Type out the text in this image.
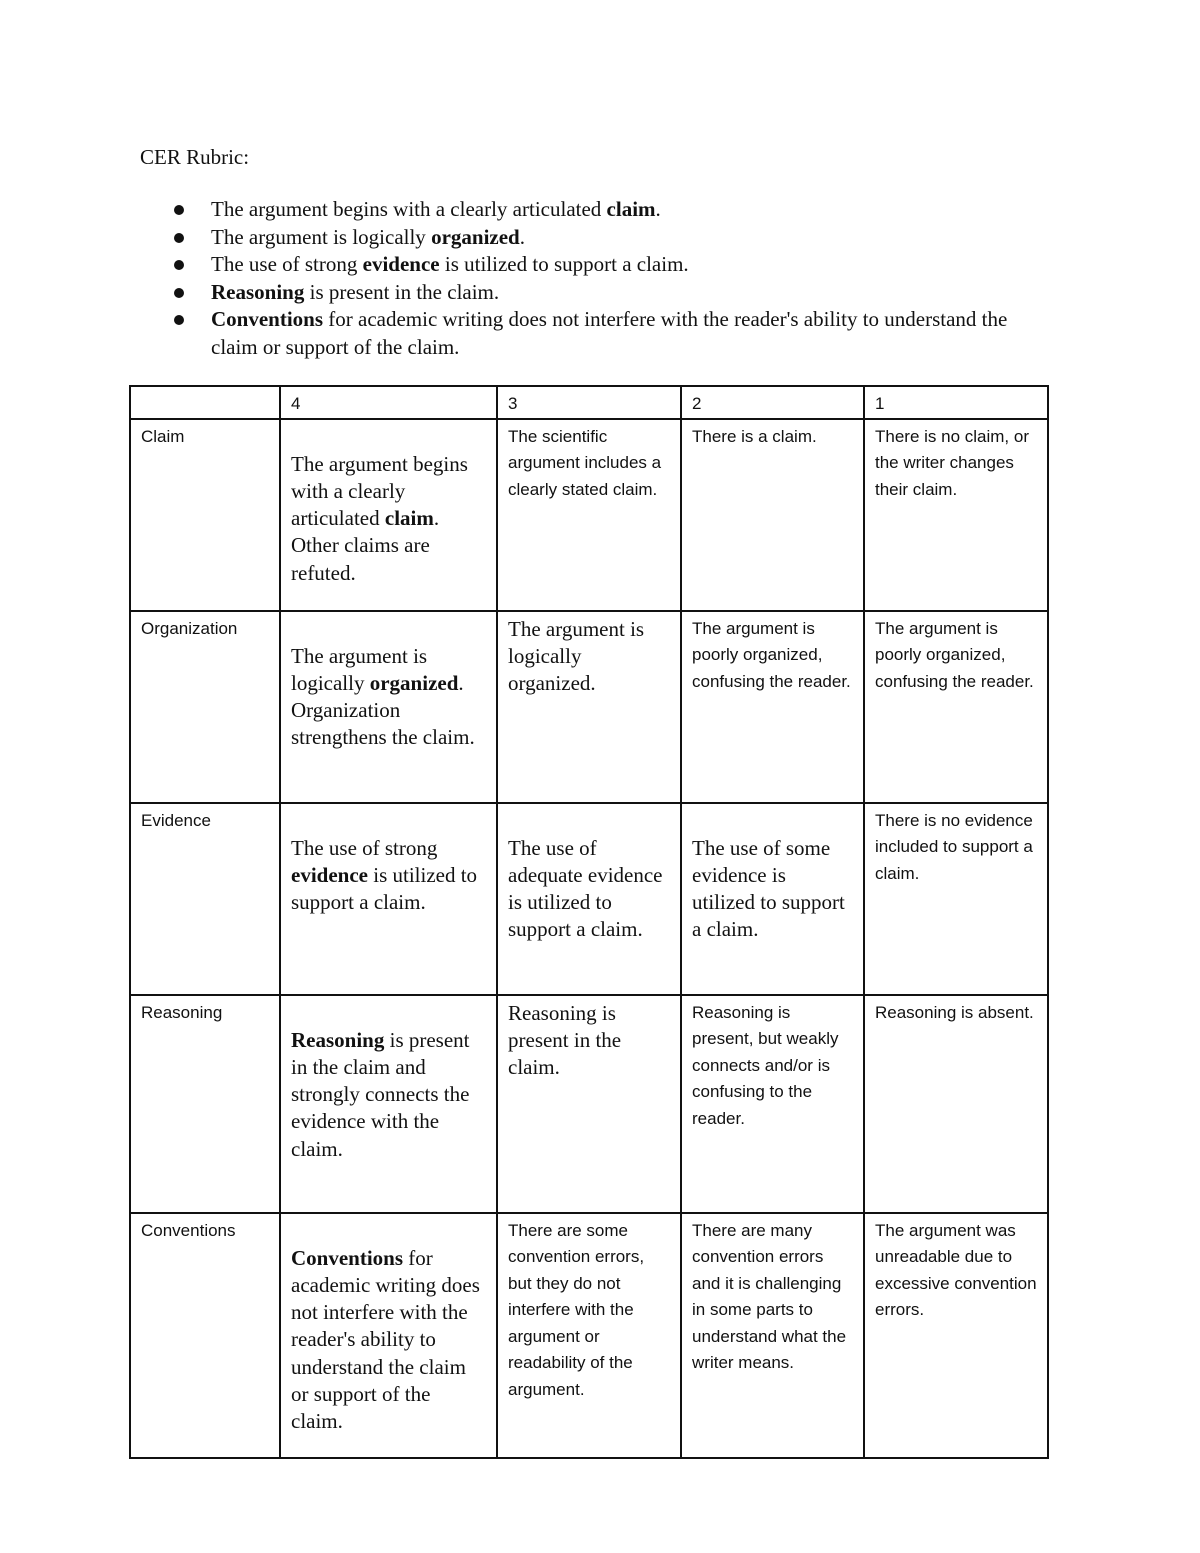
CER Rubric:
The argument begins with a clearly articulated claim.
The argument is logically organized.
The use of strong evidence is utilized to support a claim.
Reasoning is present in the claim.
Conventions for academic writing does not interfere with the reader's ability to understand the claim or support of the claim.
	4	3	2	1
Claim	The argument begins with a clearly articulated claim. Other claims are refuted.	The scientific argument includes a clearly stated claim.	There is a claim.	There is no claim, or the writer changes their claim.
Organization	The argument is logically organized. Organization strengthens the claim.	The argument is logically organized.	The argument is poorly organized, confusing the reader.	The argument is poorly organized, confusing the reader.
Evidence	The use of strong evidence is utilized to support a claim.	The use of adequate evidence is utilized to support a claim.	The use of some evidence is utilized to support a claim.	There is no evidence included to support a claim.
Reasoning	Reasoning is present in the claim and strongly connects the evidence with the claim.	Reasoning is present in the claim.	Reasoning is present, but weakly connects and/or is confusing to the reader.	Reasoning is absent.
Conventions	Conventions for academic writing does not interfere with the reader's ability to understand the claim or support of the claim.	There are some convention errors, but they do not interfere with the argument or readability of the argument.	There are many convention errors and it is challenging in some parts to understand what the writer means.	The argument was unreadable due to excessive convention errors.
